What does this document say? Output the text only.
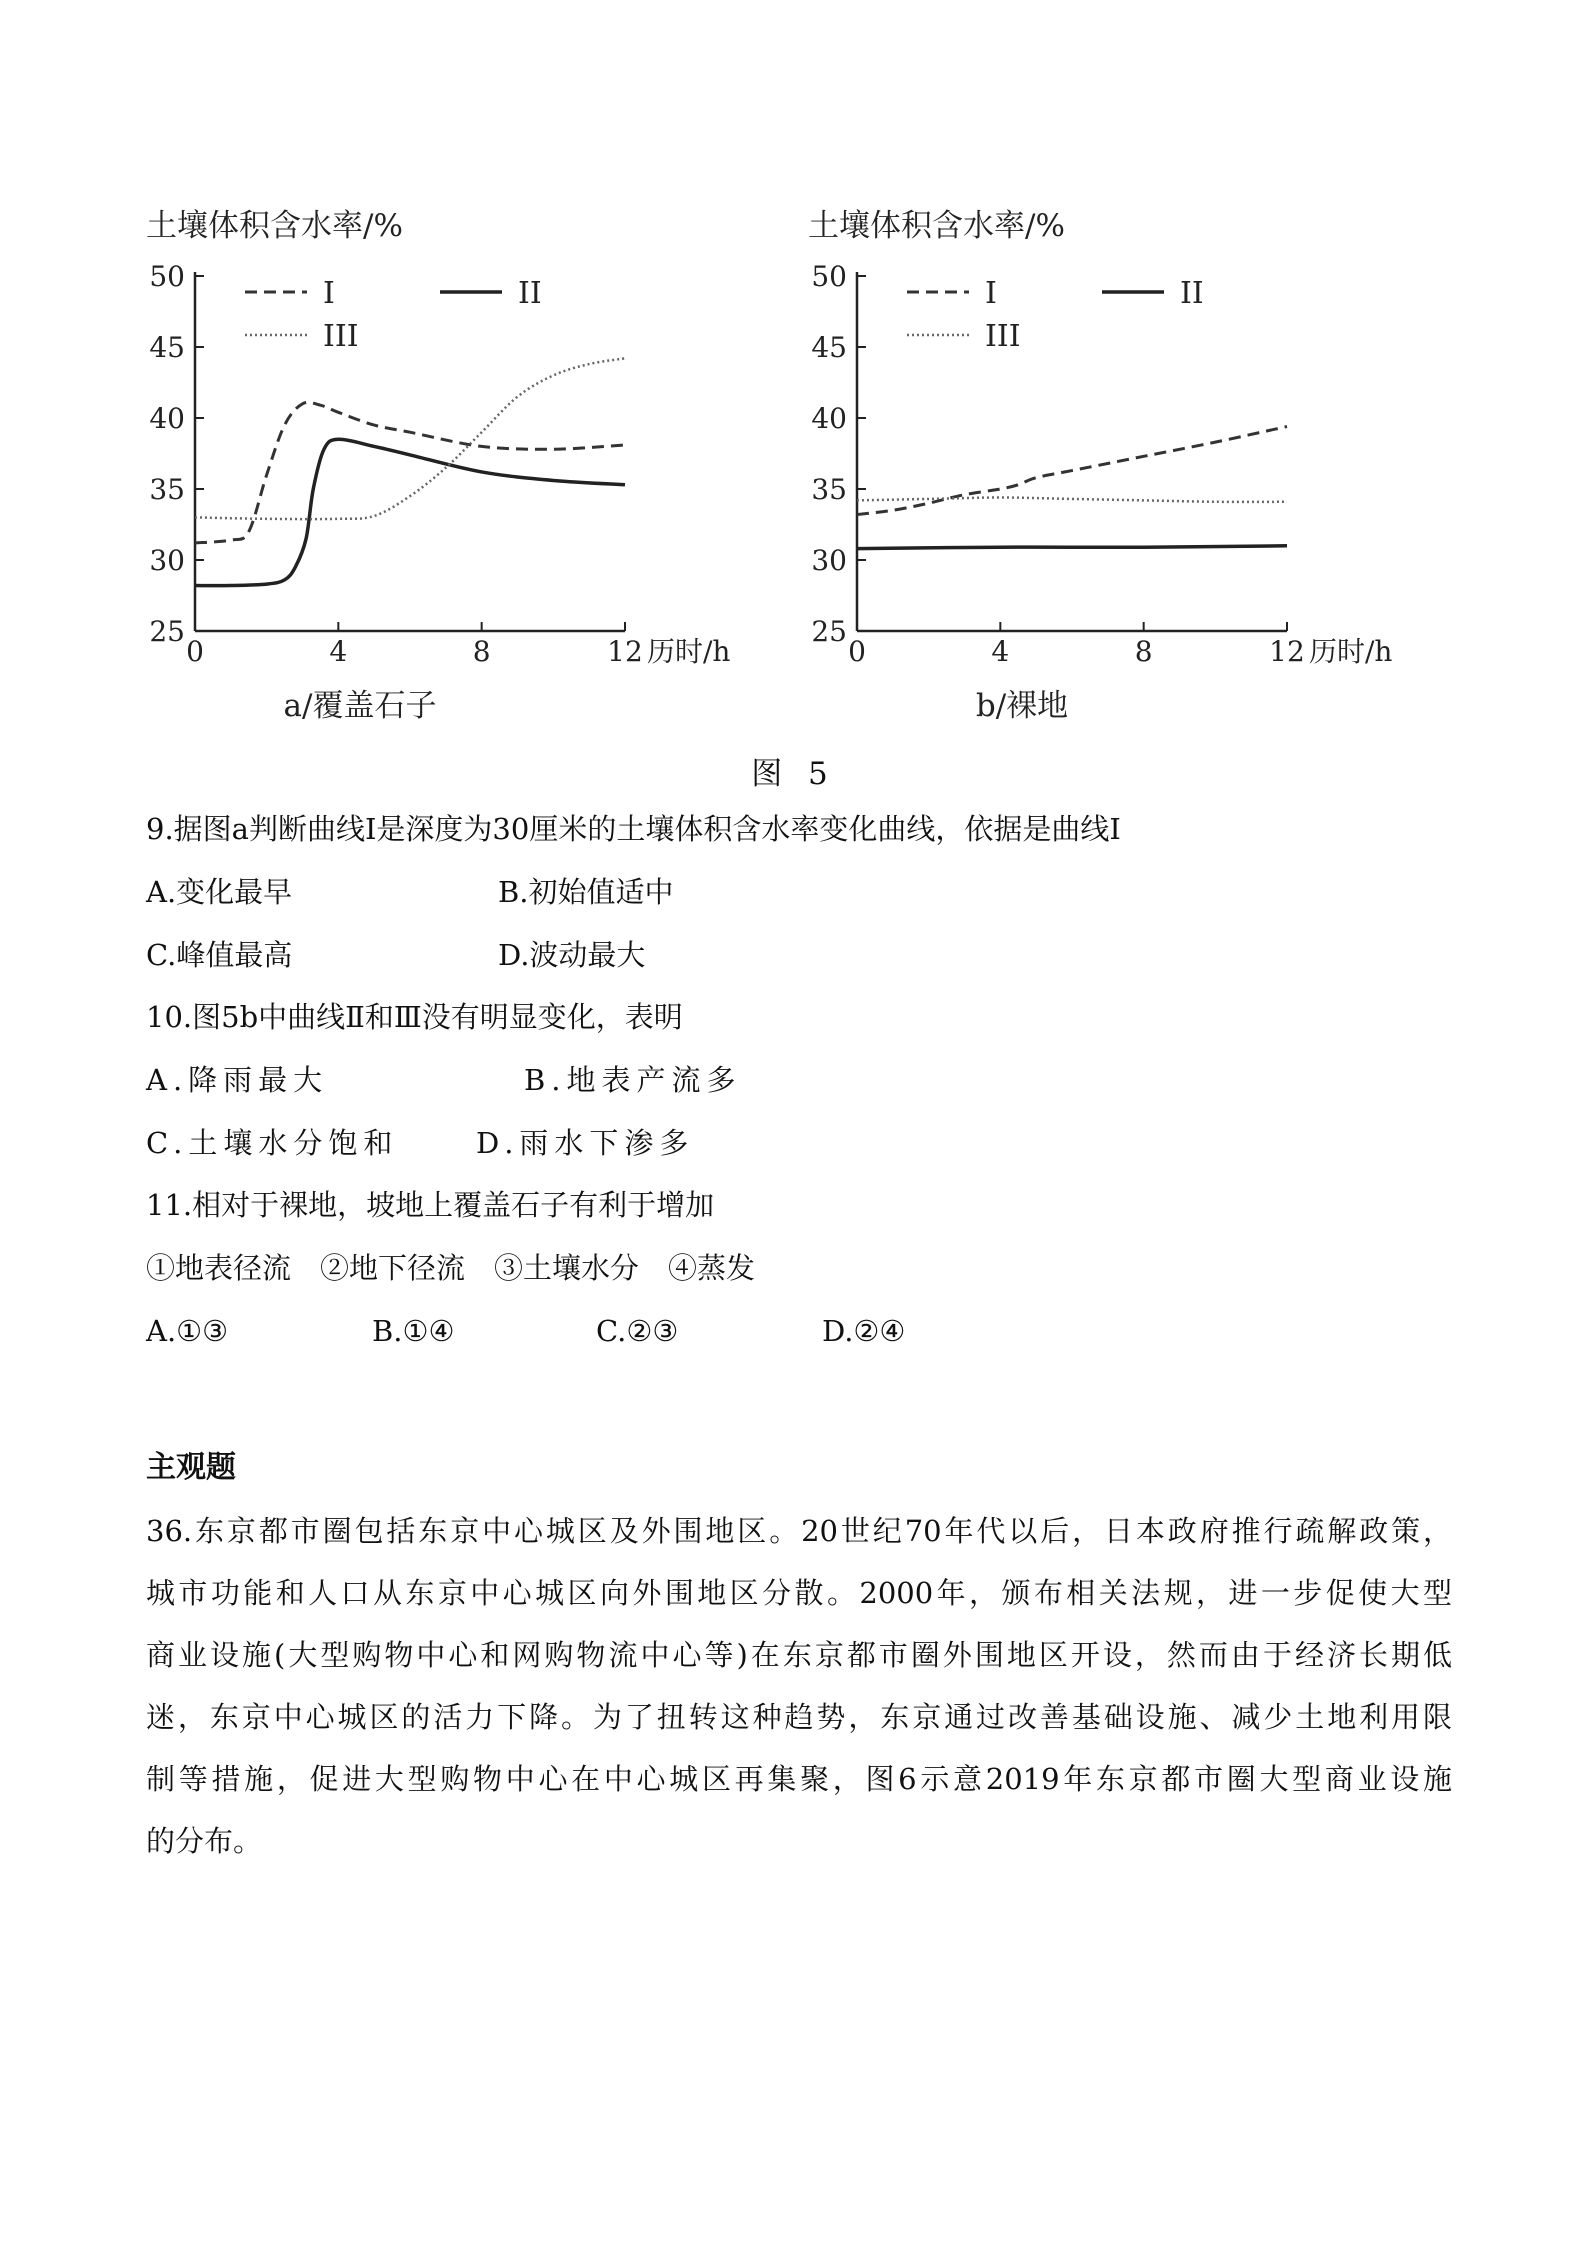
土壤体积含水率/%
25
30
35
40
45
50
0	4	8	12 历时/h
I	II
III
a/覆盖石子
土壤体积含水率/%
25
30
35
40
45
50
0	4	8	12 历时/h
I	II
III
b/裸地
图 5
9.据图a判断曲线Ⅰ是深度为30厘米的土壤体积含水率变化曲线，依据是曲线Ⅰ
A.变化最早	B.初始值适中
C.峰值最高	D.波动最大
10.图5b中曲线Ⅱ和Ⅲ没有明显变化，表明
A.降雨最大	B.地表产流多
C.土壤水分饱和	D.雨水下渗多
11.相对于裸地，坡地上覆盖石子有利于增加
①地表径流　②地下径流　③土壤水分　④蒸发
A.①③	B.①④	C.②③	D.②④
主观题
36.东京都市圈包括东京中心城区及外围地区。20世纪70年代以后，日本政府推行疏解政策，
城市功能和人口从东京中心城区向外围地区分散。2000年，颁布相关法规，进一步促使大型
商业设施(大型购物中心和网购物流中心等)在东京都市圈外围地区开设，然而由于经济长期低
迷，东京中心城区的活力下降。为了扭转这种趋势，东京通过改善基础设施、减少土地利用限
制等措施，促进大型购物中心在中心城区再集聚，图6示意2019年东京都市圈大型商业设施
的分布。
